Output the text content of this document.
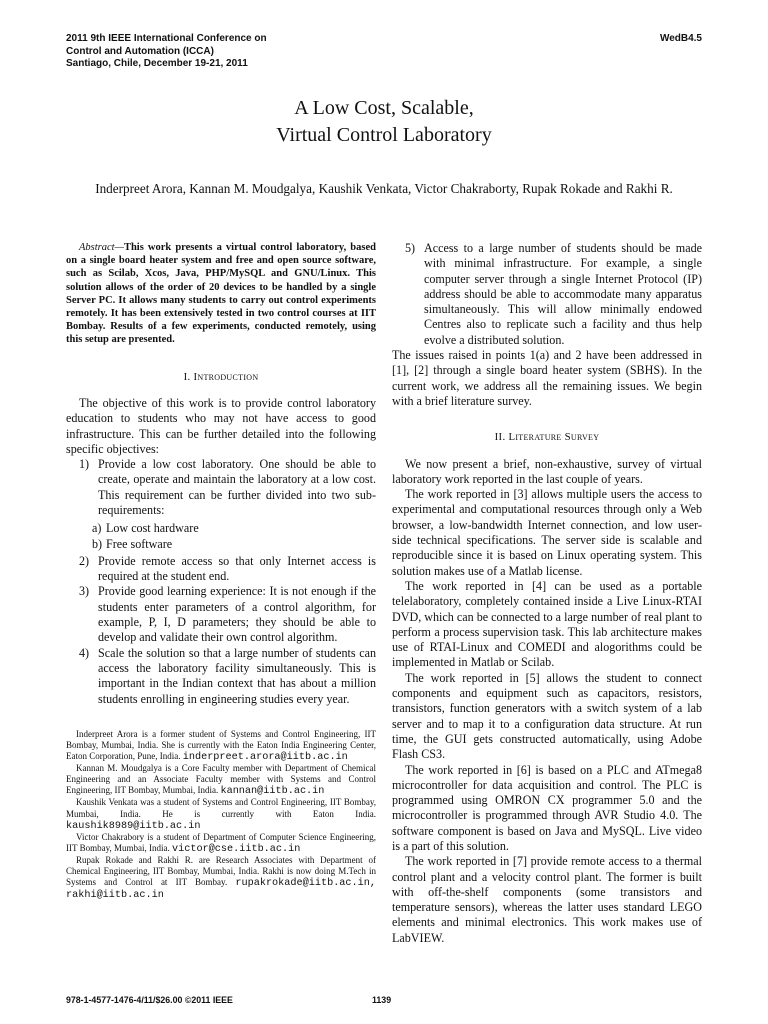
2011 9th IEEE International Conference on
Control and Automation (ICCA)
Santiago, Chile, December 19-21, 2011
WedB4.5
A Low Cost, Scalable,
Virtual Control Laboratory
Inderpreet Arora, Kannan M. Moudgalya, Kaushik Venkata, Victor Chakraborty, Rupak Rokade and Rakhi R.
Abstract—This work presents a virtual control laboratory, based on a single board heater system and free and open source software, such as Scilab, Xcos, Java, PHP/MySQL and GNU/Linux. This solution allows of the order of 20 devices to be handled by a single Server PC. It allows many students to carry out control experiments remotely. It has been extensively tested in two control courses at IIT Bombay. Results of a few experiments, conducted remotely, using this setup are presented.
I. Introduction

The objective of this work is to provide control laboratory education to students who may not have access to good infrastructure. This can be further detailed into the following specific objectives:

1) Provide a low cost laboratory. One should be able to create, operate and maintain the laboratory at a low cost. This requirement can be further divided into two sub-requirements:
a) Low cost hardware
b) Free software
2) Provide remote access so that only Internet access is required at the student end.
3) Provide good learning experience: It is not enough if the students enter parameters of a control algorithm, for example, P, I, D parameters; they should be able to develop and validate their own control algorithm.
4) Scale the solution so that a large number of students can access the laboratory facility simultaneously. This is important in the Indian context that has about a million students enrolling in engineering studies every year.

Inderpreet Arora is a former student of Systems and Control Engineering, IIT Bombay, Mumbai, India. She is currently with the Eaton India Engineering Center, Eaton Corporation, Pune, India. inderpreet.arora@iitb.ac.in

Kannan M. Moudgalya is a Core Faculty member with Department of Chemical Engineering and an Associate Faculty member with Systems and Control Engineering, IIT Bombay, Mumbai, India. kannan@iitb.ac.in

Kaushik Venkata was a student of Systems and Control Engineering, IIT Bombay, Mumbai, India. He is currently with Eaton India. kaushik8989@iitb.ac.in

Victor Chakrabory is a student of Department of Computer Science Engineering, IIT Bombay, Mumbai, India. victor@cse.iitb.ac.in

Rupak Rokade and Rakhi R. are Research Associates with Department of Chemical Engineering, IIT Bombay, Mumbai, India. Rakhi is now doing M.Tech in Systems and Control at IIT Bombay. rupakrokade@iitb.ac.in, rakhi@iitb.ac.in

5) Access to a large number of students should be made with minimal infrastructure. For example, a single computer server through a single Internet Protocol (IP) address should be able to accommodate many apparatus simultaneously. This will allow minimally endowed Centres also to replicate such a facility and thus help evolve a distributed solution.

The issues raised in points 1(a) and 2 have been addressed in [1], [2] through a single board heater system (SBHS). In the current work, we address all the remaining issues. We begin with a brief literature survey.

II. Literature Survey

We now present a brief, non-exhaustive, survey of virtual laboratory work reported in the last couple of years.

The work reported in [3] allows multiple users the access to experimental and computational resources through only a Web browser, a low-bandwidth Internet connection, and low user-side technical specifications. The server side is scalable and reproducible since it is based on Linux operating system. This solution makes use of a Matlab license.

The work reported in [4] can be used as a portable telelaboratory, completely contained inside a Live Linux-RTAI DVD, which can be connected to a large number of real plant to perform a process supervision task. This lab architecture makes use of RTAI-Linux and COMEDI and alogorithms could be implemented in Matlab or Scilab.

The work reported in [5] allows the student to connect components and equipment such as capacitors, resistors, transistors, function generators with a switch system of a lab server and to map it to a configuration data structure. At run time, the GUI gets constructed automatically, using Adobe Flash CS3.

The work reported in [6] is based on a PLC and ATmega8 microcontroller for data acquisition and control. The PLC is programmed using OMRON CX programmer 5.0 and the microcontroller is programmed through AVR Studio 4.0. The software component is based on Java and MySQL. Live video is a part of this solution.

The work reported in [7] provide remote access to a thermal control plant and a velocity control plant. The former is built with off-the-shelf components (some transistors and temperature sensors), whereas the latter uses standard LEGO elements and minimal electronics. This work makes use of LabVIEW.

978-1-4577-1476-4/11/$26.00 ©2011 IEEE	1139
